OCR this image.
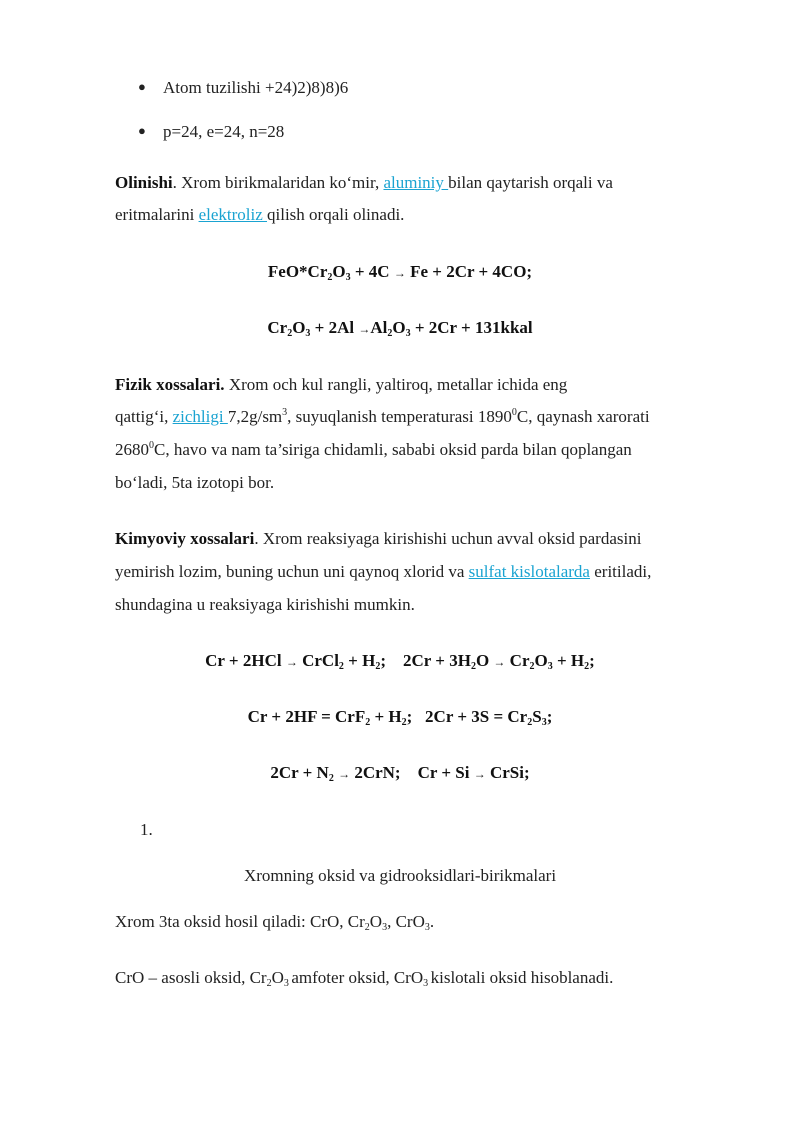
● Atom tuzilishi +24)2)8)8)6
● p=24, e=24, n=28
Olinishi. Xrom birikmalaridan ko‘mir, aluminiy bilan qaytarish orqali va
eritmalarini elektroliz qilish orqali olinadi.
$FeO*Cr_2O_3 + 4C \to Fe + 2Cr + 4CO$;
$Cr_2O_3 + 2Al \to Al_2O_3 + 2Cr$ + 131kkal
Fizik xossalari. Xrom och kul rangli, yaltiroq, metallar ichida eng
qattig‘i, zichligi $7,2g/sm^3$, suyuqlanish temperaturasi 1890$^0$C, qaynash xarorati
2680$^0$C, havo va nam ta’siriga chidamli, sababi oksid parda bilan qoplangan
bo‘ladi, 5ta izotopi bor.
Kimyoviy xossalari. Xrom reaksiyaga kirishishi uchun avval oksid pardasini
yemirish lozim, buning uchun uni qaynoq xlorid va sulfat kislotalarda eritiladi,
shundagina u reaksiyaga kirishishi mumkin.
Cr + 2HCl → CrCl$_2$ + $H_2$;    $2Cr + 3H_2O \to Cr_2O_3 + H_2$;
$Cr + 2HF = CrF_2 + H_2$;   $2Cr + 3S = Cr_2S_3$;
$2Cr + N_2 \to 2CrN$;    Cr + Si → CrSi;
1.
Xromning oksid va gidrooksidlari-birikmalari
Xrom 3ta oksid hosil qiladi: CrO, $Cr_2O_3$, CrO$_3$.
CrO – asosli oksid, $Cr_2O_3$ amfoter oksid, CrO$_3$ kislotali oksid hisoblanadi.
